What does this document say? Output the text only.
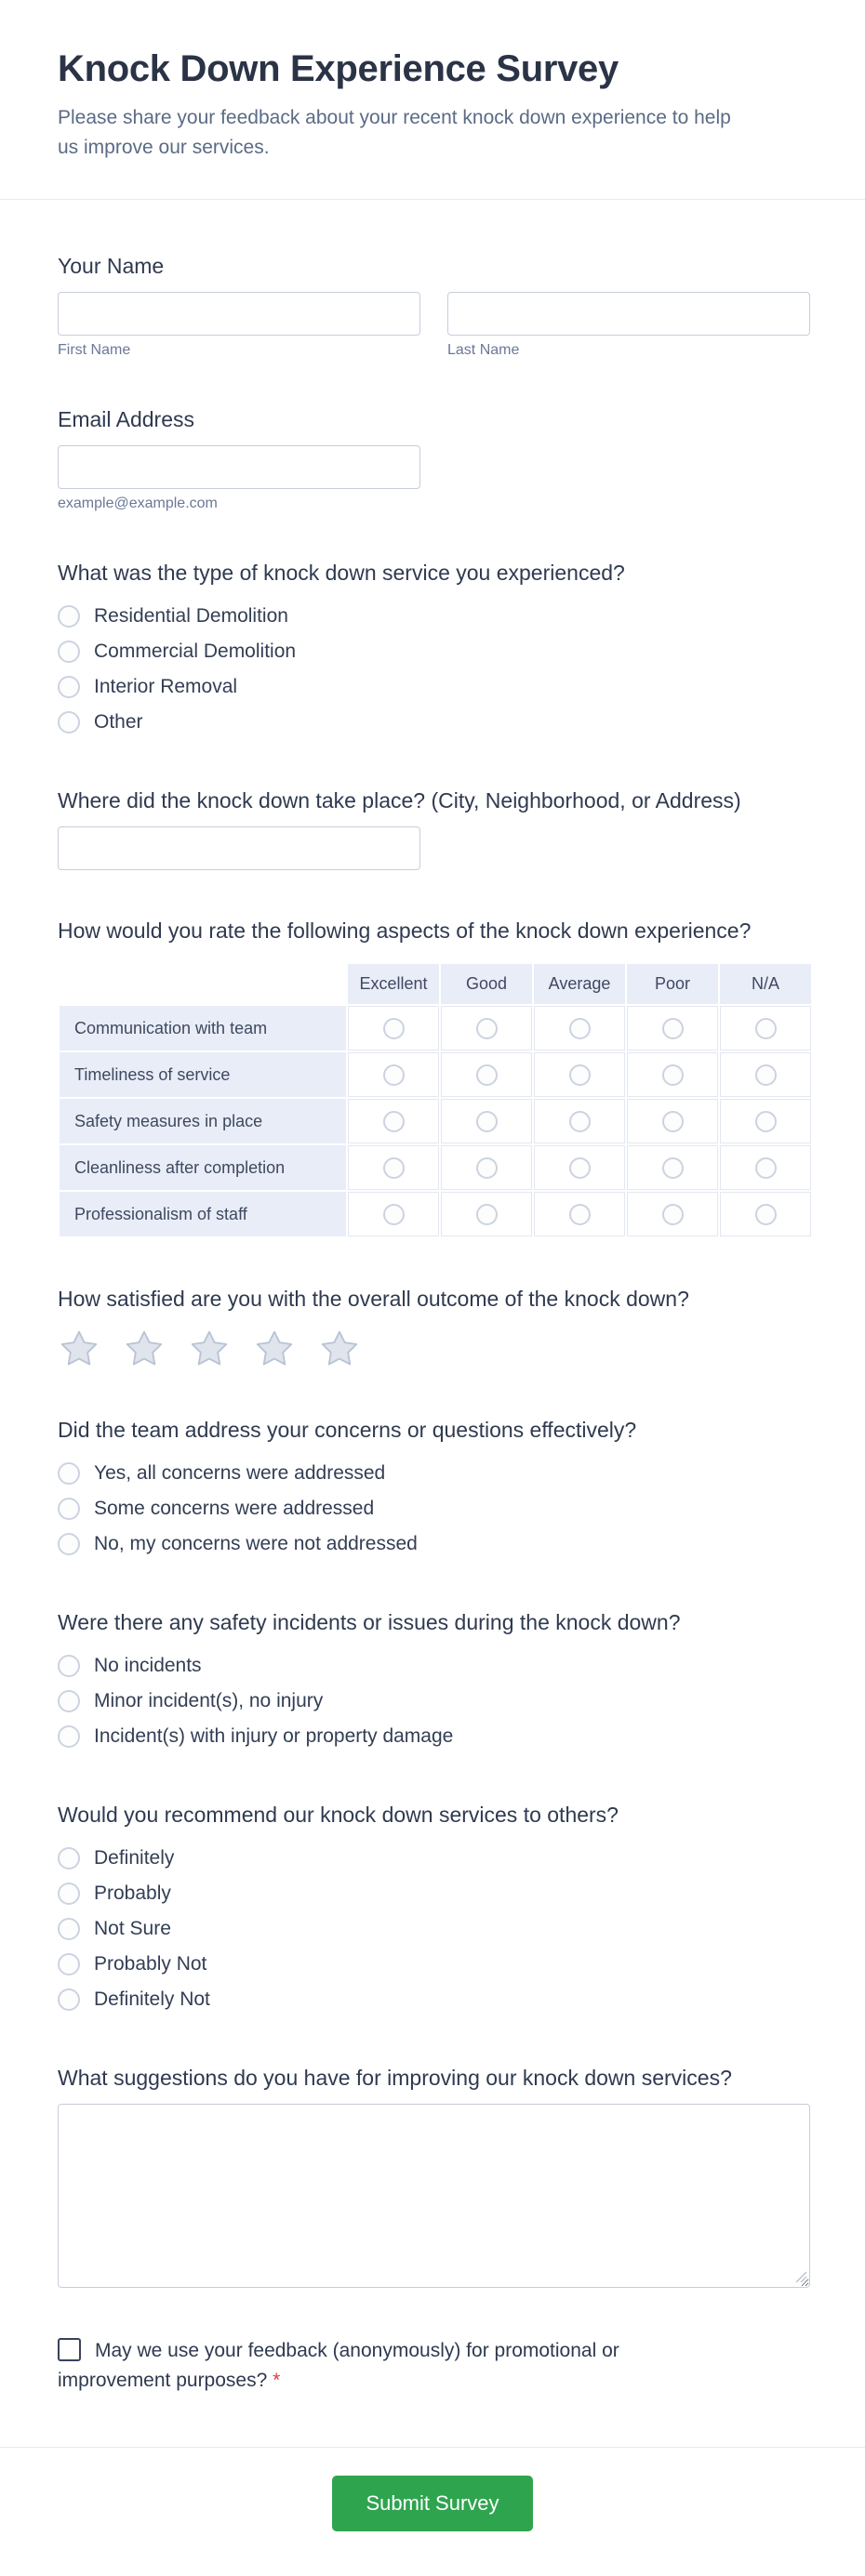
Knock Down Experience Survey

Please share your feedback about your recent knock down experience to help us improve our services.

Your Name
First Name	Last Name
Email Address
example@example.com
What was the type of knock down service you experienced?
Residential Demolition
Commercial Demolition
Interior Removal
Other
Where did the knock down take place? (City, Neighborhood, or Address)
How would you rate the following aspects of the knock down experience?
	Excellent	Good	Average	Poor	N/A
Communication with team					
Timeliness of service					
Safety measures in place					
Cleanliness after completion					
Professionalism of staff					
How satisfied are you with the overall outcome of the knock down?
Did the team address your concerns or questions effectively?
Yes, all concerns were addressed
Some concerns were addressed
No, my concerns were not addressed
Were there any safety incidents or issues during the knock down?
No incidents
Minor incident(s), no injury
Incident(s) with injury or property damage
Would you recommend our knock down services to others?
Definitely
Probably
Not Sure
Probably Not
Definitely Not
What suggestions do you have for improving our knock down services?
May we use your feedback (anonymously) for promotional or improvement purposes? *
Submit Survey
